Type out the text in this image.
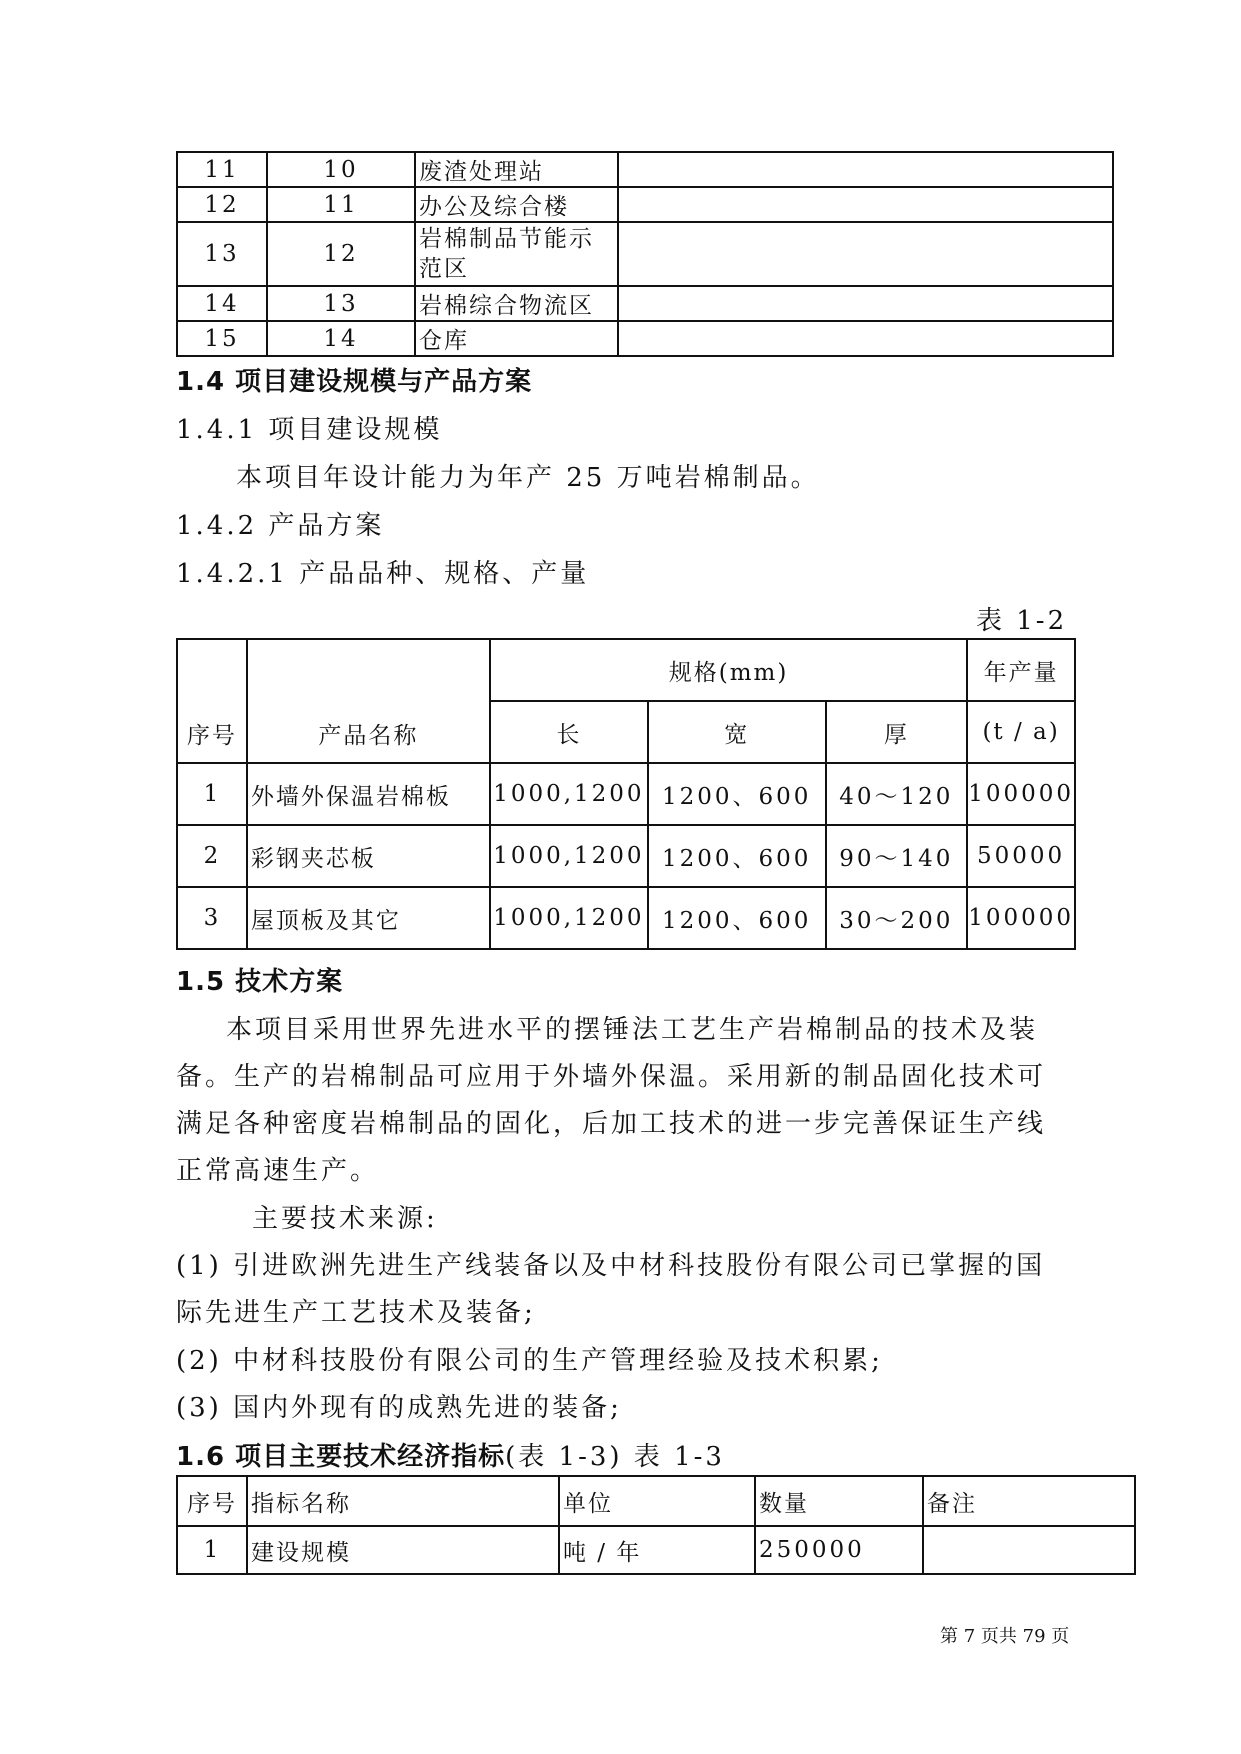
11	10	废渣处理站	
12	11	办公及综合楼	
13	12	岩棉制品节能示范区	
14	13	岩棉综合物流区	
15	14	仓库	
1.4 项目建设规模与产品方案
1.4.1 项目建设规模
本项目年设计能力为年产 25 万吨岩棉制品。
1.4.2 产品方案
1.4.2.1 产品品种、规格、产量
表 1-2
序号	产品名称	规格(mm)			年产量
		长	宽	厚	(t / a)
1	外墙外保温岩棉板	1000,1200	1200、600	40～120	100000
2	彩钢夹芯板	1000,1200	1200、600	90～140	50000
3	屋顶板及其它	1000,1200	1200、600	30～200	100000
1.5 技术方案
本项目采用世界先进水平的摆锤法工艺生产岩棉制品的技术及装
备。生产的岩棉制品可应用于外墙外保温。采用新的制品固化技术可
满足各种密度岩棉制品的固化，后加工技术的进一步完善保证生产线
正常高速生产。
主要技术来源:
(1) 引进欧洲先进生产线装备以及中材科技股份有限公司已掌握的国
际先进生产工艺技术及装备;
(2) 中材科技股份有限公司的生产管理经验及技术积累;
(3) 国内外现有的成熟先进的装备;
1.6 项目主要技术经济指标(表 1-3) 表 1-3
序号	指标名称	单位	数量	备注
1	建设规模	吨 / 年	250000	
第 7 页共 79 页
